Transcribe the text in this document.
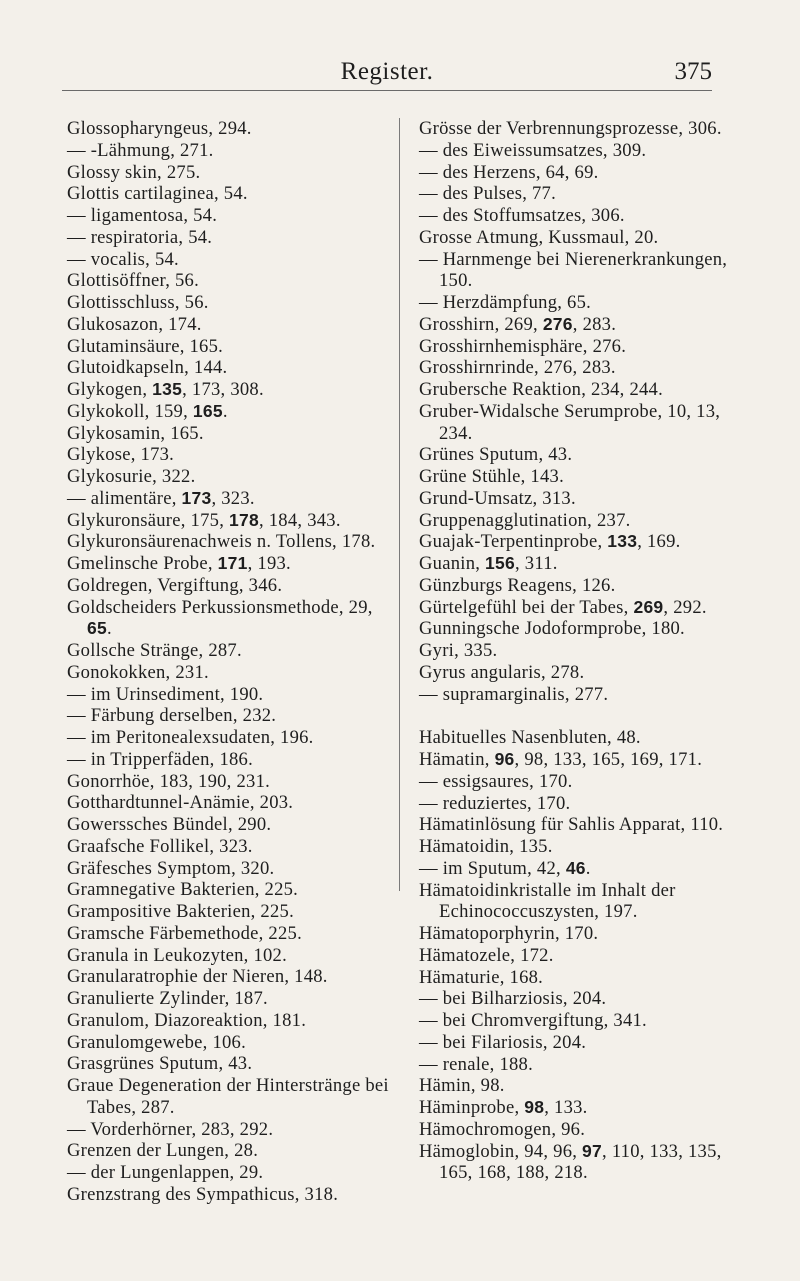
Register.	375
Glossopharyngeus, 294.
— -Lähmung, 271.
Glossy skin, 275.
Glottis cartilaginea, 54.
— ligamentosa, 54.
— respiratoria, 54.
— vocalis, 54.
Glottisöffner, 56.
Glottisschluss, 56.
Glukosazon, 174.
Glutaminsäure, 165.
Glutoidkapseln, 144.
Glykogen, 135, 173, 308.
Glykokoll, 159, 165.
Glykosamin, 165.
Glykose, 173.
Glykosurie, 322.
— alimentäre, 173, 323.
Glykuronsäure, 175, 178, 184, 343.
Glykuronsäurenachweis n. Tollens, 178.
Gmelinsche Probe, 171, 193.
Goldregen, Vergiftung, 346.
Goldscheiders Perkussionsmethode, 29, 65.
Gollsche Stränge, 287.
Gonokokken, 231.
— im Urinsediment, 190.
— Färbung derselben, 232.
— im Peritonealexsudaten, 196.
— in Tripperfäden, 186.
Gonorrhöe, 183, 190, 231.
Gotthardtunnel-Anämie, 203.
Gowerssches Bündel, 290.
Graafsche Follikel, 323.
Gräfesches Symptom, 320.
Gramnegative Bakterien, 225.
Grampositive Bakterien, 225.
Gramsche Färbemethode, 225.
Granula in Leukozyten, 102.
Granularatrophie der Nieren, 148.
Granulierte Zylinder, 187.
Granulom, Diazoreaktion, 181.
Granulomgewebe, 106.
Grasgrünes Sputum, 43.
Graue Degeneration der Hinterstränge bei Tabes, 287.
— Vorderhörner, 283, 292.
Grenzen der Lungen, 28.
— der Lungenlappen, 29.
Grenzstrang des Sympathicus, 318.
Grösse der Verbrennungsprozesse, 306.
— des Eiweissumsatzes, 309.
— des Herzens, 64, 69.
— des Pulses, 77.
— des Stoffumsatzes, 306.
Grosse Atmung, Kussmaul, 20.
— Harnmenge bei Nierenerkrankungen, 150.
— Herzdämpfung, 65.
Grosshirn, 269, 276, 283.
Grosshirnhemisphäre, 276.
Grosshirnrinde, 276, 283.
Grubersche Reaktion, 234, 244.
Gruber-Widalsche Serumprobe, 10, 13, 234.
Grünes Sputum, 43.
Grüne Stühle, 143.
Grund-Umsatz, 313.
Gruppenagglutination, 237.
Guajak-Terpentinprobe, 133, 169.
Guanin, 156, 311.
Günzburgs Reagens, 126.
Gürtelgefühl bei der Tabes, 269, 292.
Gunningsche Jodoformprobe, 180.
Gyri, 335.
Gyrus angularis, 278.
— supramarginalis, 277.
Habituelles Nasenbluten, 48.
Hämatin, 96, 98, 133, 165, 169, 171.
— essigsaures, 170.
— reduziertes, 170.
Hämatinlösung für Sahlis Apparat, 110.
Hämatoidin, 135.
— im Sputum, 42, 46.
Hämatoidinkristalle im Inhalt der Echinococcuszysten, 197.
Hämatoporphyrin, 170.
Hämatozele, 172.
Hämaturie, 168.
— bei Bilharziosis, 204.
— bei Chromvergiftung, 341.
— bei Filariosis, 204.
— renale, 188.
Hämin, 98.
Häminprobe, 98, 133.
Hämochromogen, 96.
Hämoglobin, 94, 96, 97, 110, 133, 135, 165, 168, 188, 218.
